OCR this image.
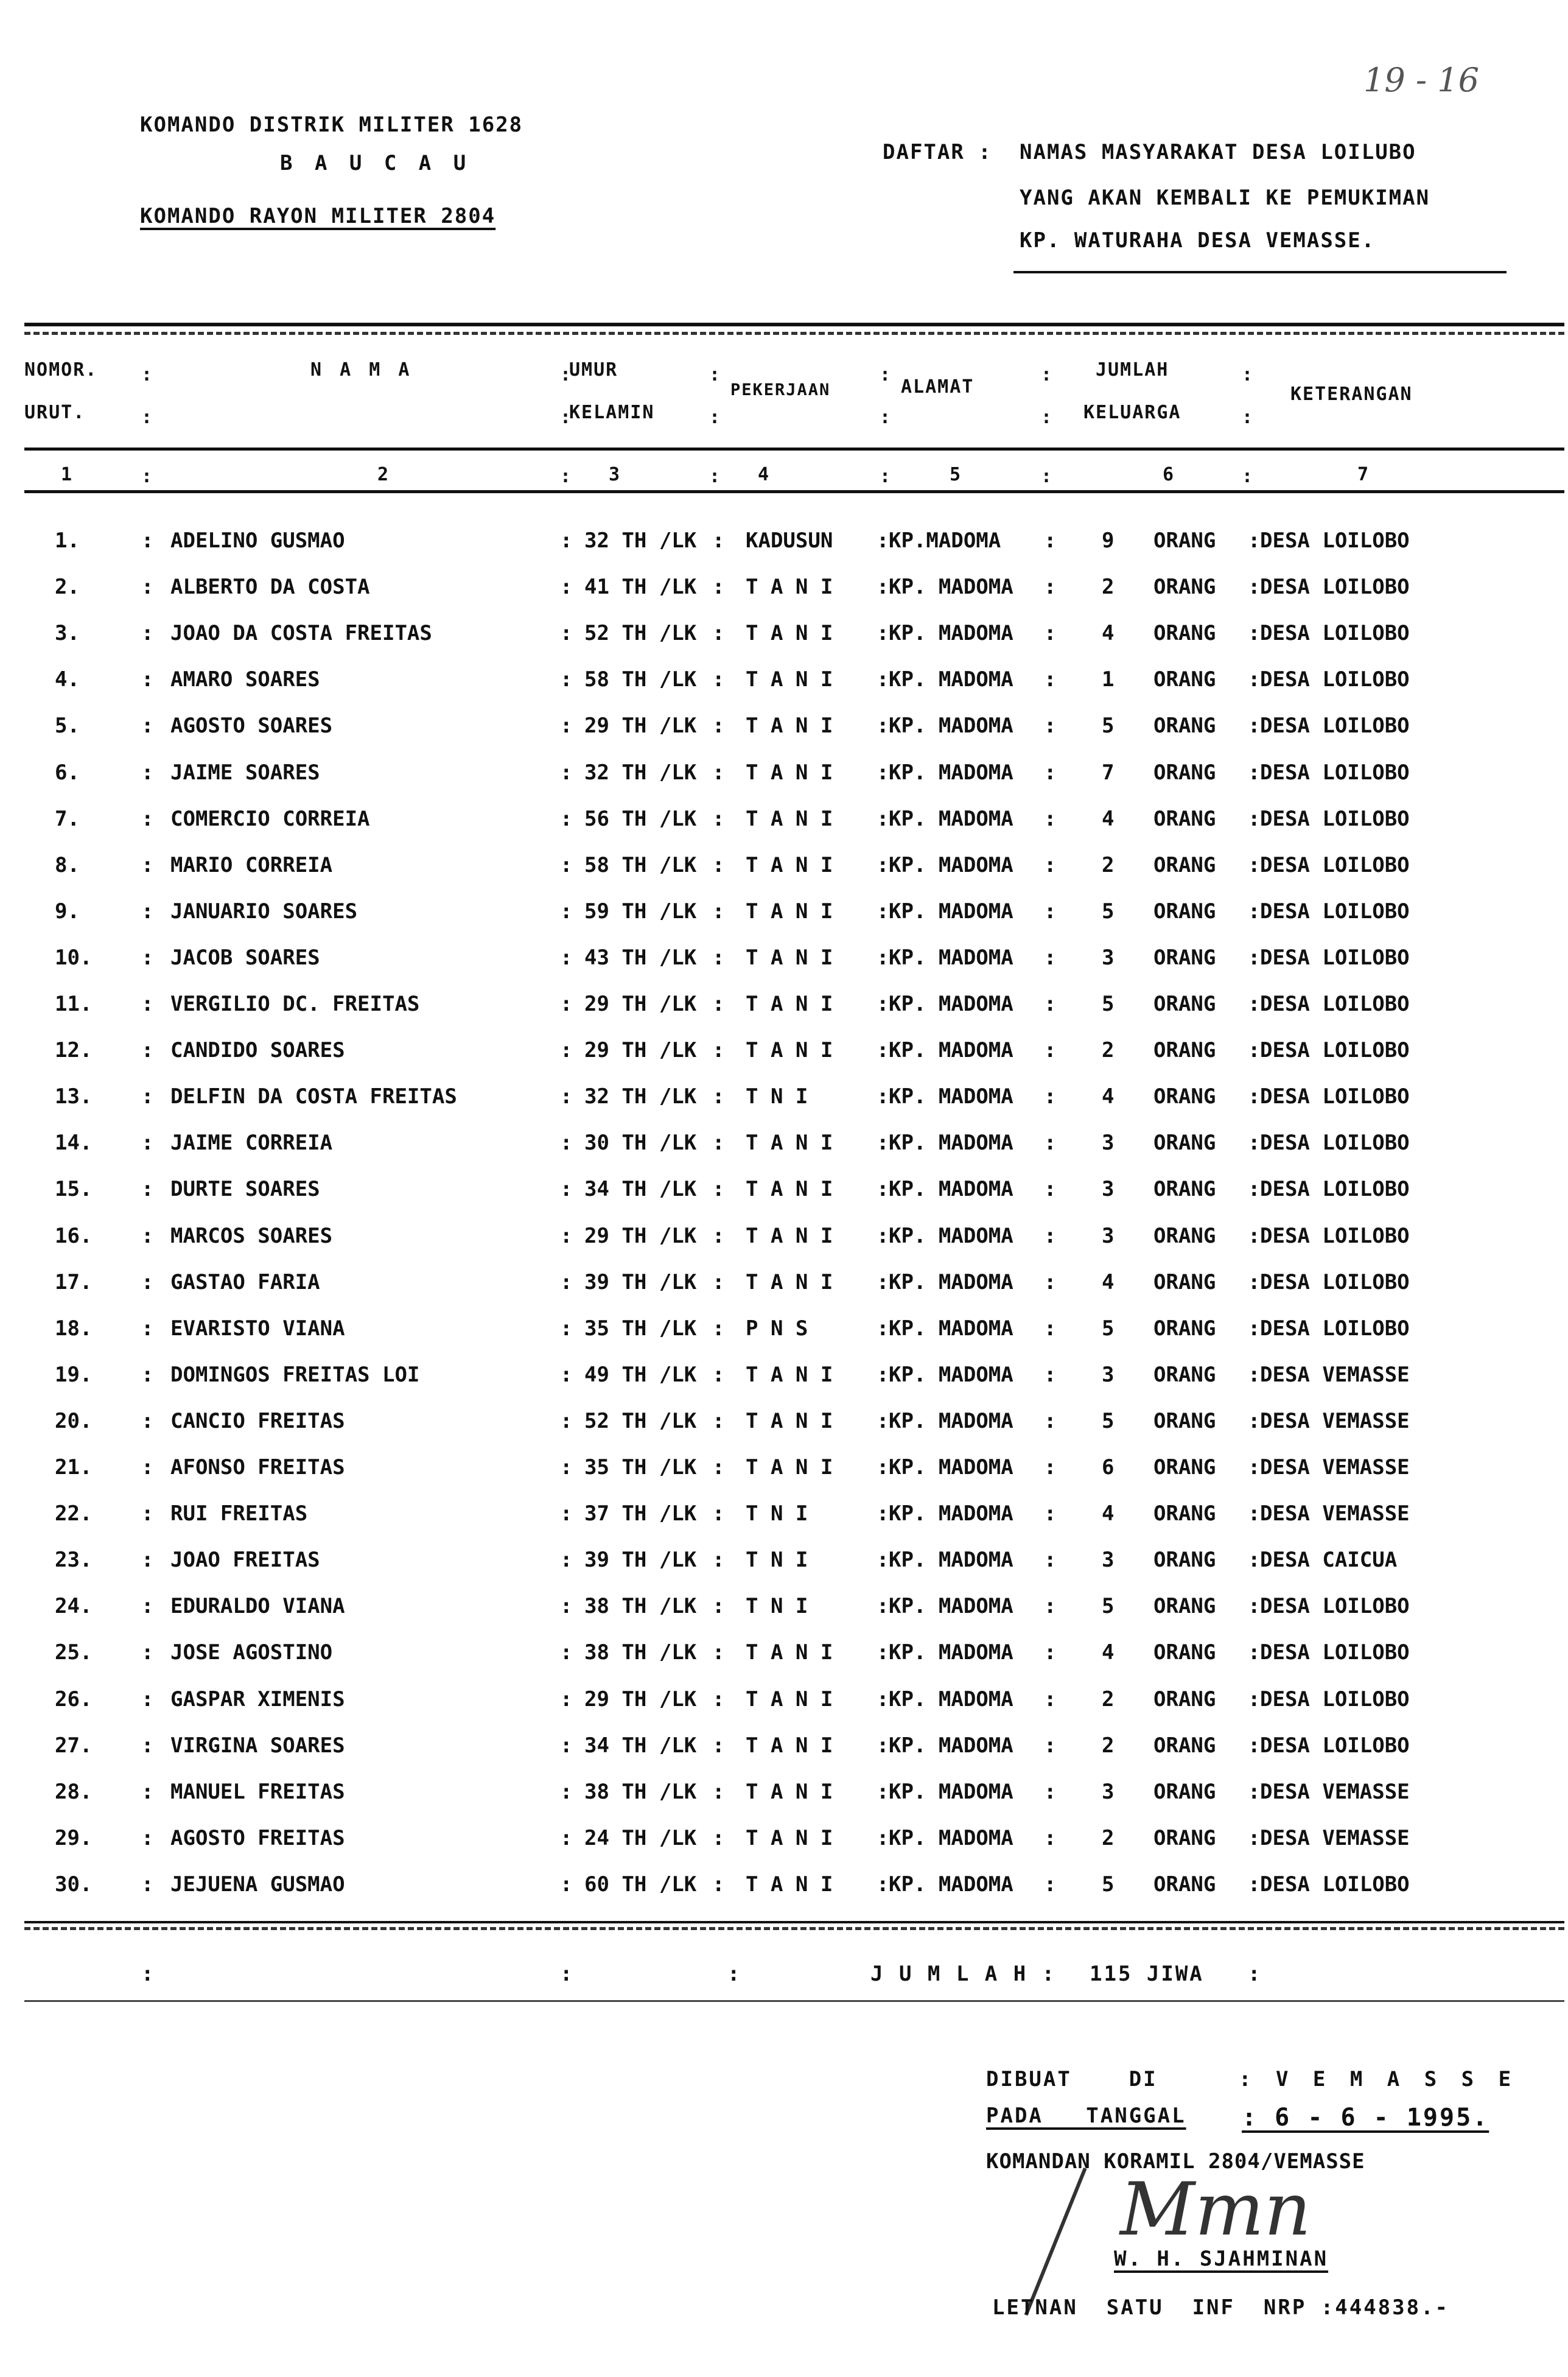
19 - 16
KOMANDO DISTRIK MILITER 1628
B A U C A U
KOMANDO RAYON MILITER 2804
DAFTAR : NAMAS MASYARAKAT DESA LOILUBO
YANG AKAN KEMBALI KE PEMUKIMAN
KP. WATURAHA DESA VEMASSE.
NOMOR.
URUT.
N A M A	UMUR
KELAMIN
PEKERJAAN	ALAMAT
JUMLAH
KELUARGA
KETERANGAN
:	:	:	:	:	:
:	:	:	:	:	:
:	:	:	:	:	:
1	2	3	4	5	6	7
1.	: ADELINO GUSMAO	: 32 TH /LK : KADUSUN : KP.MADOMA : 9 ORANG : DESA LOILOBO
2.	: ALBERTO DA COSTA	: 41 TH /LK : T A N I : KP. MADOMA : 2 ORANG : DESA LOILOBO
3.	: JOAO DA COSTA FREITAS	: 52 TH /LK : T A N I : KP. MADOMA : 4 ORANG : DESA LOILOBO
4.	: AMARO SOARES	: 58 TH /LK : T A N I : KP. MADOMA : 1 ORANG : DESA LOILOBO
5.	: AGOSTO SOARES	: 29 TH /LK : T A N I : KP. MADOMA : 5 ORANG : DESA LOILOBO
6.	: JAIME SOARES	: 32 TH /LK : T A N I : KP. MADOMA : 7 ORANG : DESA LOILOBO
7.	: COMERCIO CORREIA	: 56 TH /LK : T A N I : KP. MADOMA : 4 ORANG : DESA LOILOBO
8.	: MARIO CORREIA	: 58 TH /LK : T A N I : KP. MADOMA : 2 ORANG : DESA LOILOBO
9.	: JANUARIO SOARES	: 59 TH /LK : T A N I : KP. MADOMA : 5 ORANG : DESA LOILOBO
10. : JACOB SOARES	: 43 TH /LK : T A N I : KP. MADOMA : 3 ORANG : DESA LOILOBO
11. : VERGILIO DC. FREITAS	: 29 TH /LK : T A N I : KP. MADOMA : 5 ORANG : DESA LOILOBO
12. : CANDIDO SOARES	: 29 TH /LK : T A N I : KP. MADOMA : 2 ORANG : DESA LOILOBO
13. : DELFIN DA COSTA FREITAS	: 32 TH /LK : T N I	: KP. MADOMA : 4 ORANG : DESA LOILOBO
14. : JAIME CORREIA	: 30 TH /LK : T A N I : KP. MADOMA : 3 ORANG : DESA LOILOBO
15. : DURTE SOARES	: 34 TH /LK : T A N I : KP. MADOMA : 3 ORANG : DESA LOILOBO
16. : MARCOS SOARES	: 29 TH /LK : T A N I : KP. MADOMA : 3 ORANG : DESA LOILOBO
17. : GASTAO FARIA	: 39 TH /LK : T A N I : KP. MADOMA : 4 ORANG : DESA LOILOBO
18. : EVARISTO VIANA	: 35 TH /LK : P N S	: KP. MADOMA : 5 ORANG : DESA LOILOBO
19. : DOMINGOS FREITAS LOI	: 49 TH /LK : T A N I : KP. MADOMA : 3 ORANG : DESA VEMASSE
20. : CANCIO FREITAS	: 52 TH /LK : T A N I : KP. MADOMA : 5 ORANG : DESA VEMASSE
21. : AFONSO FREITAS	: 35 TH /LK : T A N I : KP. MADOMA : 6 ORANG : DESA VEMASSE
22. : RUI FREITAS	: 37 TH /LK : T N I	: KP. MADOMA : 4 ORANG : DESA VEMASSE
23. : JOAO FREITAS	: 39 TH /LK : T N I	: KP. MADOMA : 3 ORANG : DESA CAICUA
24. : EDURALDO VIANA	: 38 TH /LK : T N I	: KP. MADOMA : 5 ORANG : DESA LOILOBO
25. : JOSE AGOSTINO	: 38 TH /LK : T A N I : KP. MADOMA : 4 ORANG : DESA LOILOBO
26. : GASPAR XIMENIS	: 29 TH /LK : T A N I : KP. MADOMA : 2 ORANG : DESA LOILOBO
27. : VIRGINA SOARES	: 34 TH /LK : T A N I : KP. MADOMA : 2 ORANG : DESA LOILOBO
28. : MANUEL FREITAS	: 38 TH /LK : T A N I : KP. MADOMA : 3 ORANG : DESA VEMASSE
29. : AGOSTO FREITAS	: 24 TH /LK : T A N I : KP. MADOMA : 2 ORANG : DESA VEMASSE
30. : JEJUENA GUSMAO	: 60 TH /LK : T A N I : KP. MADOMA : 5 ORANG : DESA LOILOBO
:	:	:	J U M L A H : 115 JIWA :
DIBUAT    DI	: V E M A S S E
PADA   TANGGAL : 6 - 6 - 1995.
KOMANDAN KORAMIL 2804/VEMASSE
Mmn
W. H. SJAHMINAN
LETNAN  SATU  INF  NRP :444838.-
